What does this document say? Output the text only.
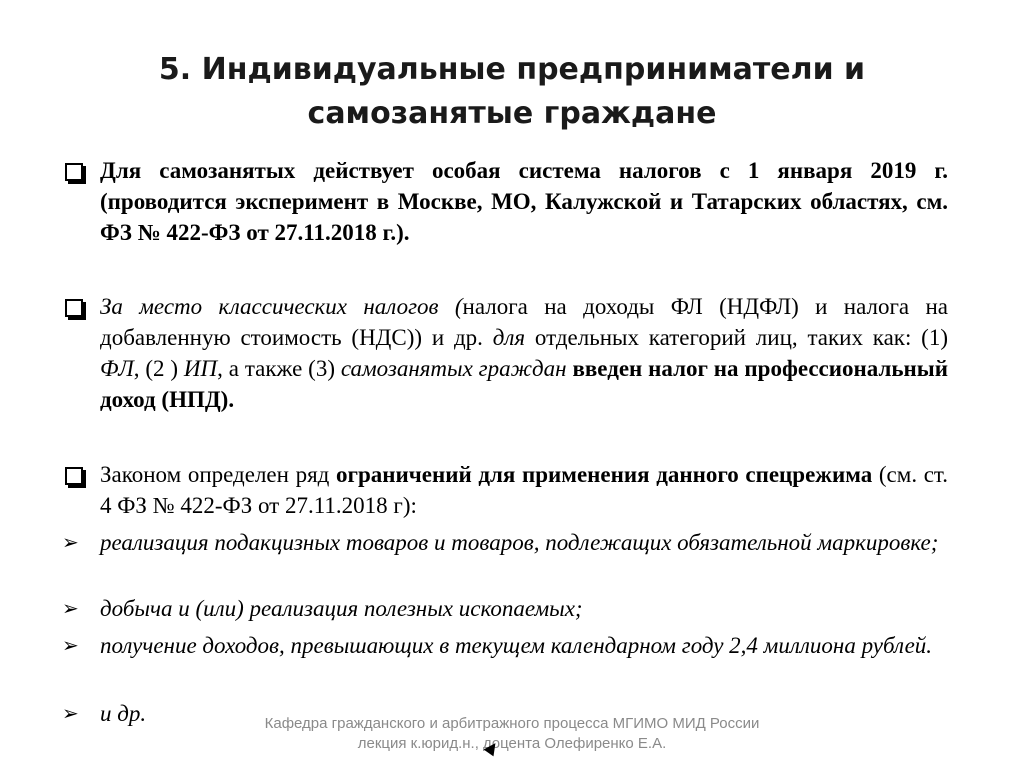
5. Индивидуальные предприниматели и
самозанятые граждане
Для самозанятых действует особая система налогов с 1 января 2019 г. (проводится эксперимент в Москве, МО, Калужской и Татарских областях, см. ФЗ № 422-ФЗ от 27.11.2018 г.).
За место классических налогов (налога на доходы ФЛ (НДФЛ) и налога на добавленную стоимость (НДС)) и др. для отдельных категорий лиц, таких как: (1) ФЛ, (2 ) ИП, а также (3) самозанятых граждан введен налог на профессиональный доход (НПД).
Законом определен ряд ограничений для применения данного спецрежима (см. ст. 4 ФЗ № 422-ФЗ от 27.11.2018 г):
➢ реализация подакцизных товаров и товаров, подлежащих обязательной маркировке;
➢ добыча и (или) реализация полезных ископаемых;
➢ получение доходов, превышающих в текущем календарном году 2,4 миллиона рублей.
➢ и др.	Кафедра гражданского и арбитражного процесса МГИМО МИД России
лекция к.юрид.н., доцента Олефиренко Е.А.
